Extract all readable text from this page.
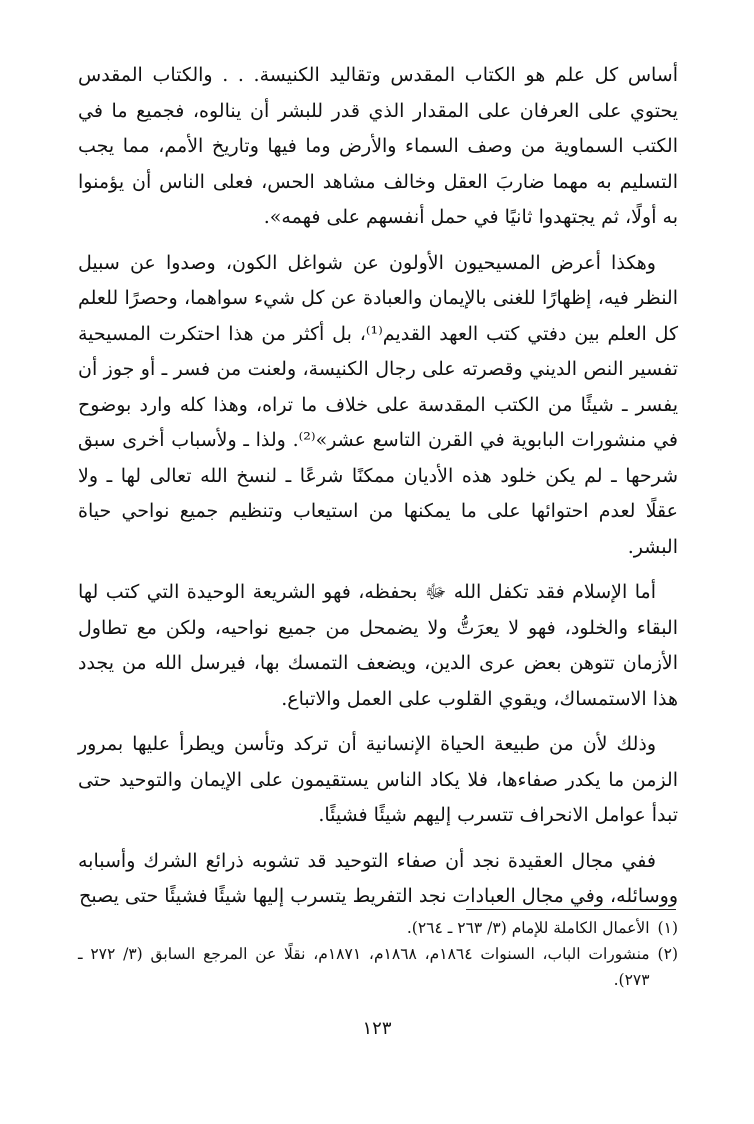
أساس كل علم هو الكتاب المقدس وتقاليد الكنيسة. . . والكتاب المقدس يحتوي على العرفان على المقدار الذي قدر للبشر أن ينالوه، فجميع ما في الكتب السماوية من وصف السماء والأرض وما فيها وتاريخ الأمم، مما يجب التسليم به مهما ضاربَ العقل وخالف مشاهد الحس، فعلى الناس أن يؤمنوا به أولًا، ثم يجتهدوا ثانيًا في حمل أنفسهم على فهمه».

وهكذا أعرض المسيحيون الأولون عن شواغل الكون، وصدوا عن سبيل النظر فيه، إظهارًا للغنى بالإيمان والعبادة عن كل شيء سواهما، وحصرًا للعلم كل العلم بين دفتي كتب العهد القديم⁽¹⁾، بل أكثر من هذا احتكرت المسيحية تفسير النص الديني وقصرته على رجال الكنيسة، ولعنت من فسر ـ أو جوز أن يفسر ـ شيئًا من الكتب المقدسة على خلاف ما تراه، وهذا كله وارد بوضوح في منشورات البابوية في القرن التاسع عشر»⁽²⁾. ولذا ـ ولأسباب أخرى سبق شرحها ـ لم يكن خلود هذه الأديان ممكنًا شرعًا ـ لنسخ الله تعالى لها ـ ولا عقلًا لعدم احتوائها على ما يمكنها من استيعاب وتنظيم جميع نواحي حياة البشر.

أما الإسلام فقد تكفل الله ﷻ بحفظه، فهو الشريعة الوحيدة التي كتب لها البقاء والخلود، فهو لا يعرَتُّ ولا يضمحل من جميع نواحيه، ولكن مع تطاول الأزمان تتوهن بعض عرى الدين، ويضعف التمسك بها، فيرسل الله من يجدد هذا الاستمساك، ويقوي القلوب على العمل والاتباع.

وذلك لأن من طبيعة الحياة الإنسانية أن تركد وتأسن ويطرأ عليها بمرور الزمن ما يكدر صفاءها، فلا يكاد الناس يستقيمون على الإيمان والتوحيد حتى تبدأ عوامل الانحراف تتسرب إليهم شيئًا فشيئًا.

ففي مجال العقيدة نجد أن صفاء التوحيد قد تشوبه ذرائع الشرك وأسبابه ووسائله، وفي مجال العبادات نجد التفريط يتسرب إليها شيئًا فشيئًا حتى يصبح

(١)
الأعمال الكاملة للإمام (٣/ ٢٦٣ ـ ٢٦٤).
(٢)
منشورات الباب، السنوات ١٨٦٤م، ١٨٦٨م، ١٨٧١م، نقلًا عن المرجع السابق (٣/ ٢٧٢ ـ ٢٧٣).
١٢٣
